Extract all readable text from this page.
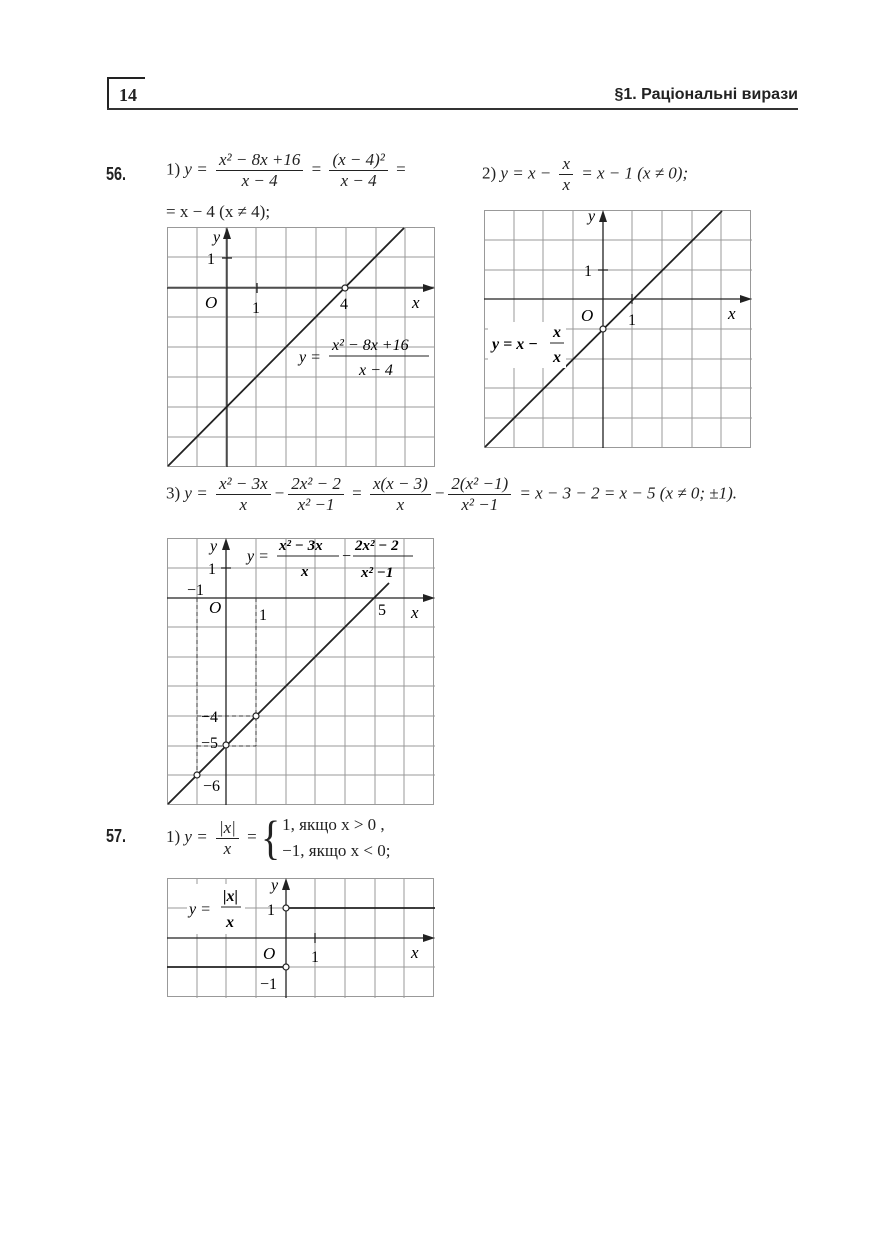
14	§1. Раціональні вирази
56. 1) $y = \frac{\text{x² − 8x +16}}{x - 4} = \frac{\text{(x − 4)²}}{x - 4}$ =
= x − 4 (x ≠ 4);
2) $y = x - \frac{x}{x} = x - 1$ (x ≠ 0);
y
O 1
1
4	x
y =
x² − 8x +16
x − 4
y
O 1
1
x
y = x −
x
x
3) $y = \frac{\text{x² − 3x}}{x} - \frac{\text{2x² − 2}}{\text{x² −1}} = \frac{x(x - 3)}{x} - \frac{\text{2(x² −1)}}{\text{x² −1}} = x - 3 - 2 = x - 5$ (x ≠ 0; ±1).
y
1
−1
O 1	5 x
−4
−5
−6
y =
x² − 3x
x
−
2x² − 2
x² −1
57. 1) $y = \frac{|x|}{x}$ = { 1, якщо x > 0 ,
−1, якщо x < 0;
y
1
O 1	x
−1
y =
|x|
x
